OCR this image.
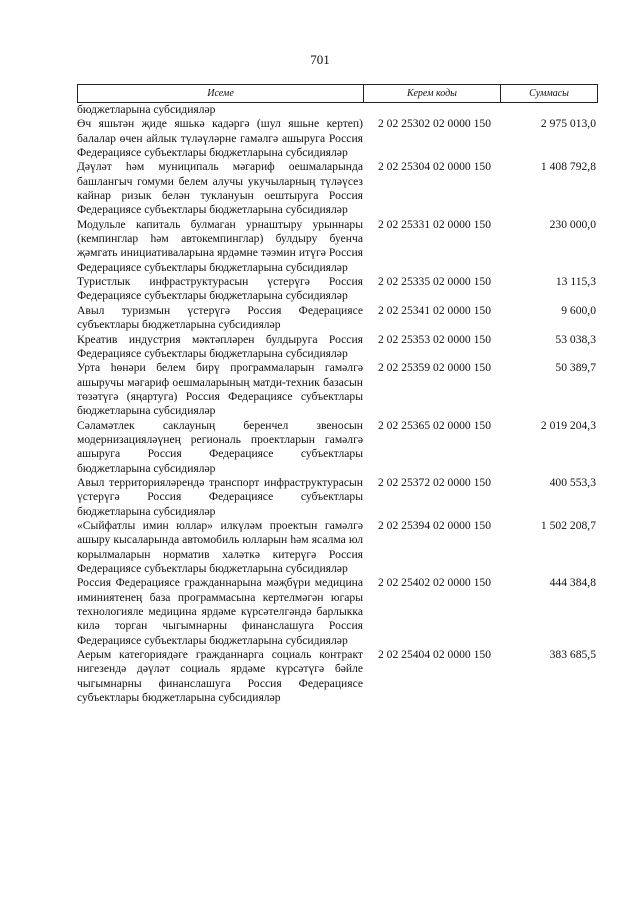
701
Исеме	Керем коды	Суммасы
бюджетларына субсидияләр
Өч яшьтән җиде яшькә кадәргә (шул яшьне кертеп) балалар өчен айлык түләүләрне гамәлгә ашыруга Россия Федерациясе субъектлары бюджетларына субсидияләр
2 02 25302 02 0000 150	2 975 013,0
Дәүләт һәм муниципаль мәгариф оешмаларында башлангыч гомуми белем алучы укучыларның түләүсез кайнар ризык белән туклануын оештыруга Россия Федерациясе субъектлары бюджетларына субсидияләр
2 02 25304 02 0000 150	1 408 792,8
Модульле капиталь булмаган урнаштыру урыннары (кемпинглар һәм автокемпинглар) булдыру буенча җәмгать инициативаларына ярдәмне тәэмин итүгә Россия Федерациясе субъектлары бюджетларына субсидияләр
2 02 25331 02 0000 150	230 000,0
Туристлык инфраструктурасын үстерүгә Россия Федерациясе субъектлары бюджетларына субсидияләр
2 02 25335 02 0000 150	13 115,3
Авыл туризмын үстерүгә Россия Федерациясе субъектлары бюджетларына субсидияләр
2 02 25341 02 0000 150	9 600,0
Креатив индустрия мәктәпләрен булдыруга Россия Федерациясе субъектлары бюджетларына субсидияләр
2 02 25353 02 0000 150	53 038,3
Урта һөнәри белем бирү программаларын гамәлгә ашыручы мәгариф оешмаларының матди-техник базасын төзәтүгә (яңартуга) Россия Федерациясе субъектлары бюджетларына субсидияләр
2 02 25359 02 0000 150	50 389,7
Сәламәтлек саклауның беренчел звеносын модернизацияләүнең региональ проектларын гамәлгә ашыруга Россия Федерациясе субъектлары бюджетларына субсидияләр
2 02 25365 02 0000 150	2 019 204,3
Авыл территорияләрендә транспорт инфраструктурасын үстерүгә Россия Федерациясе субъектлары бюджетларына субсидияләр
2 02 25372 02 0000 150	400 553,3
«Сыйфатлы имин юллар» илкүләм проектын гамәлгә ашыру кысаларында автомобиль юлларын һәм ясалма юл корылмаларын норматив халәткә китерүгә Россия Федерациясе субъектлары бюджетларына субсидияләр
2 02 25394 02 0000 150	1 502 208,7
Россия Федерациясе гражданнарына мәҗбүри медицина иминиятенең база программасына кертелмәгән югары технологияле медицина ярдәме күрсәтелгәндә барлыкка килә торган чыгымнарны финанслашуга Россия Федерациясе субъектлары бюджетларына субсидияләр
2 02 25402 02 0000 150	444 384,8
Аерым категориядәге гражданнарга социаль контракт нигезендә дәүләт социаль ярдәме күрсәтүгә бәйле чыгымнарны финанслашуга Россия Федерациясе субъектлары бюджетларына субсидияләр
2 02 25404 02 0000 150	383 685,5
